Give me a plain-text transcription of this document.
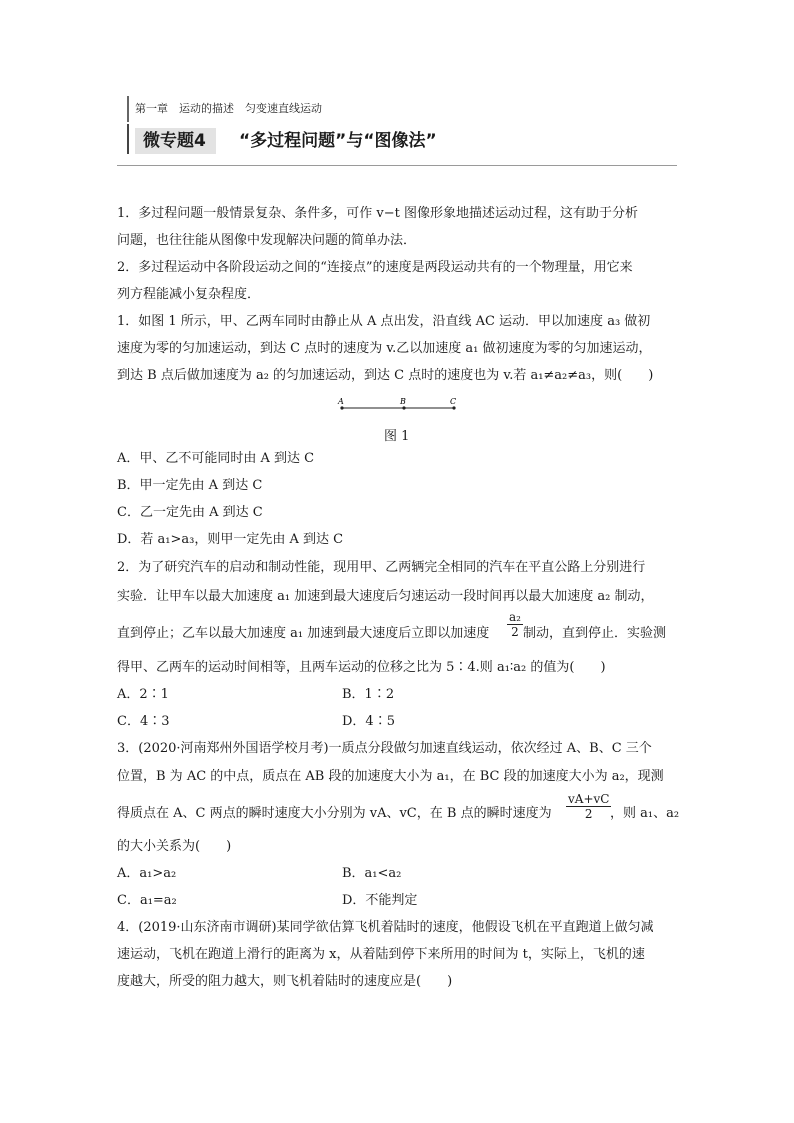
第一章　运动的描述　匀变速直线运动
微专题4	“多过程问题”与“图像法”
1．多过程问题一般情景复杂、条件多，可作 v−t 图像形象地描述运动过程，这有助于分析
问题，也往往能从图像中发现解决问题的简单办法．
2．多过程运动中各阶段运动之间的“连接点”的速度是两段运动共有的一个物理量，用它来
列方程能减小复杂程度．
1．如图 1 所示，甲、乙两车同时由静止从 A 点出发，沿直线 AC 运动．甲以加速度 a₃ 做初
速度为零的匀加速运动，到达 C 点时的速度为 v.乙以加速度 a₁ 做初速度为零的匀加速运动，
到达 B 点后做加速度为 a₂ 的匀加速运动，到达 C 点时的速度也为 v.若 a₁≠a₂≠a₃，则(　　)
A	B	C
图 1
A．甲、乙不可能同时由 A 到达 C
B．甲一定先由 A 到达 C
C．乙一定先由 A 到达 C
D．若 a₁>a₃，则甲一定先由 A 到达 C
2．为了研究汽车的启动和制动性能，现用甲、乙两辆完全相同的汽车在平直公路上分别进行
实验．让甲车以最大加速度 a₁ 加速到最大速度后匀速运动一段时间再以最大加速度 a₂ 制动，
直到停止；乙车以最大加速度 a₁ 加速到最大速度后立即以加速度 $\frac{\text{a₂}}{2}$ 制动，直到停止．实验测
得甲、乙两车的运动时间相等，且两车运动的位移之比为 5∶4.则 a₁∶a₂ 的值为(　　)
A．2∶1	B．1∶2
C．4∶3	D．4∶5
3．(2020·河南郑州外国语学校月考)一质点分段做匀加速直线运动，依次经过 A、B、C 三个
位置，B 为 AC 的中点，质点在 AB 段的加速度大小为 a₁，在 BC 段的加速度大小为 a₂，现测
得质点在 A、C 两点的瞬时速度大小分别为 vA、vC，在 B 点的瞬时速度为 $\frac{vA+vC}{2}$
，则 a₁、a₂
的大小关系为(　　)
A．a₁>a₂	B．a₁<a₂
C．a₁=a₂	D．不能判定
4．(2019·山东济南市调研)某同学欲估算飞机着陆时的速度，他假设飞机在平直跑道上做匀减
速运动，飞机在跑道上滑行的距离为 x，从着陆到停下来所用的时间为 t，实际上，飞机的速
度越大，所受的阻力越大，则飞机着陆时的速度应是(　　)
